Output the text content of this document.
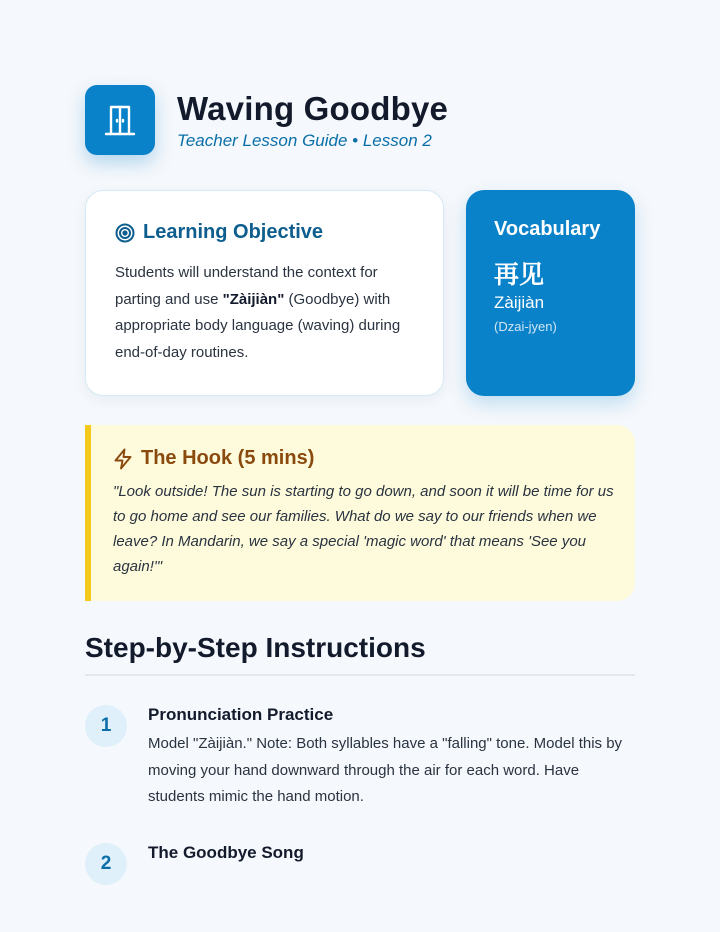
Waving Goodbye
Teacher Lesson Guide • Lesson 2
Learning Objective

Students will understand the context for parting and use "Zàijiàn" (Goodbye) with appropriate body language (waving) during end-of-day routines.

Vocabulary
再见
Zàijiàn
(Dzai-jyen)
The Hook (5 mins)

"Look outside! The sun is starting to go down, and soon it will be time for us to go home and see our families. What do we say to our friends when we leave? In Mandarin, we say a special 'magic word' that means 'See you again!'"

Step-by-Step Instructions
1
Pronunciation Practice

Model "Zàijiàn." Note: Both syllables have a "falling" tone. Model this by moving your hand downward through the air for each word. Have students mimic the hand motion.

2
The Goodbye Song
